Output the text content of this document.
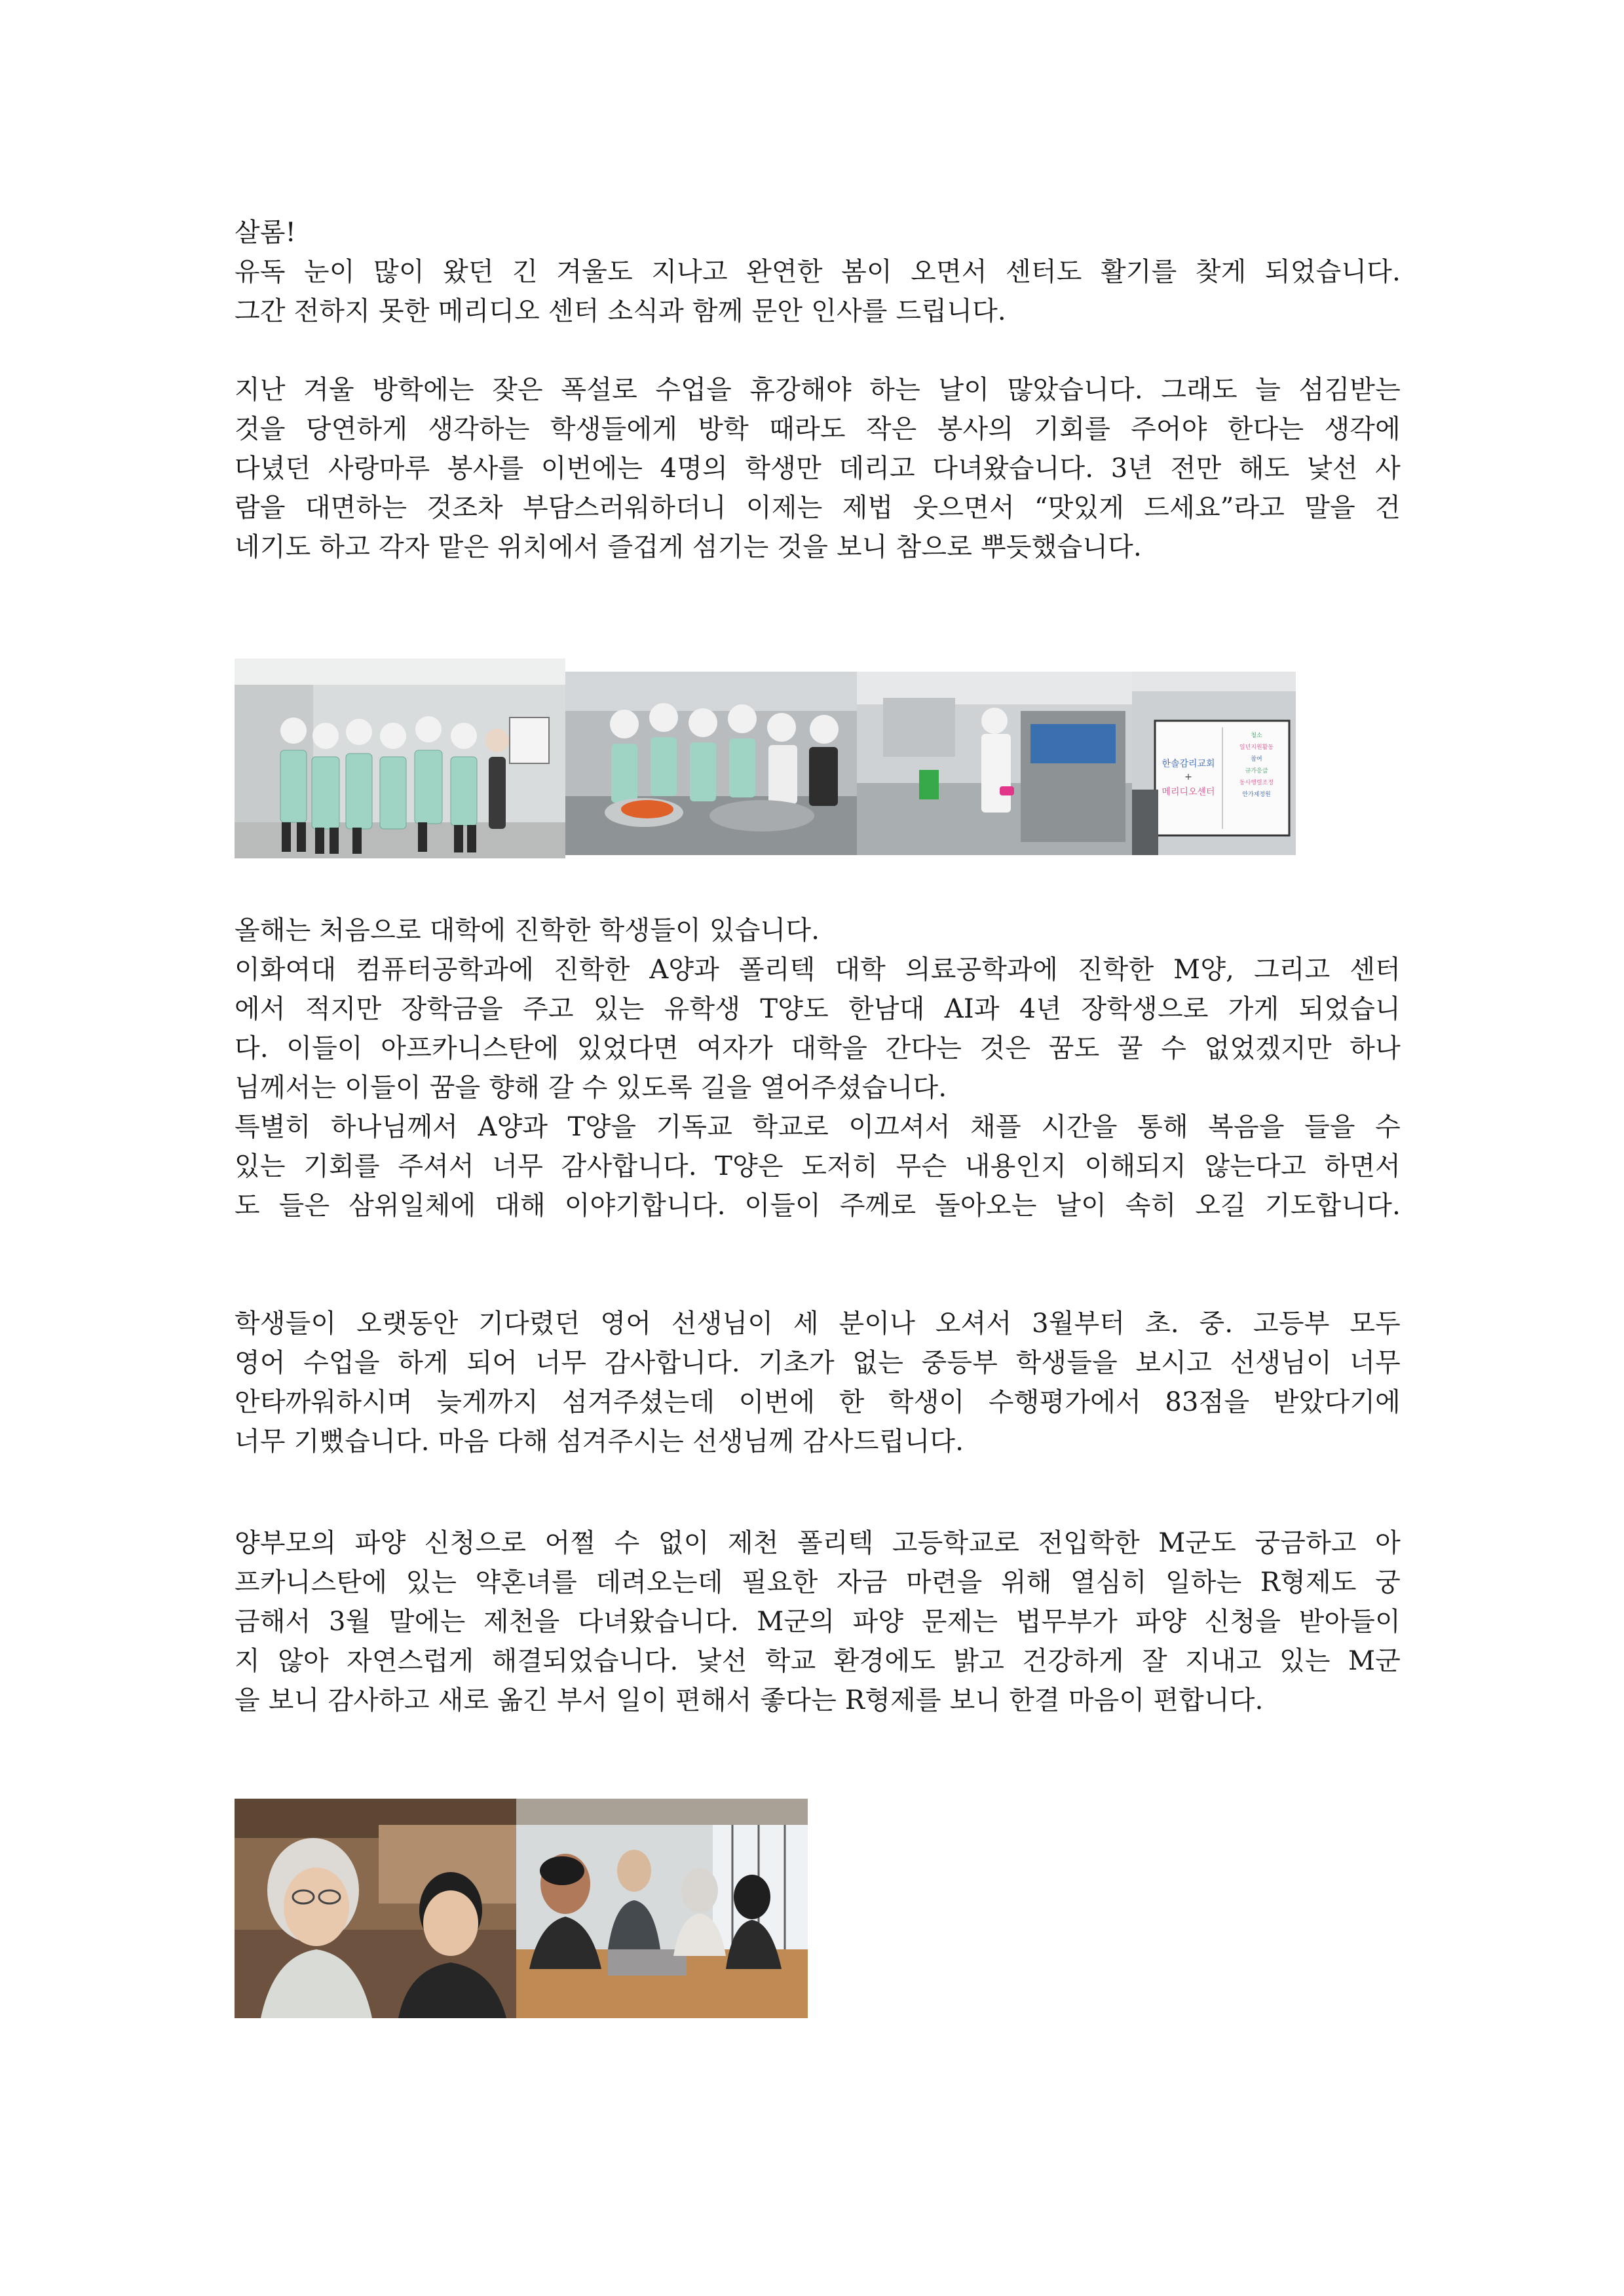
살롬!
유독 눈이 많이 왔던 긴 겨울도 지나고 완연한 봄이 오면서 센터도 활기를 찾게 되었습니다.
그간 전하지 못한 메리디오 센터 소식과 함께 문안 인사를 드립니다.
지난 겨울 방학에는 잦은 폭설로 수업을 휴강해야 하는 날이 많았습니다. 그래도 늘 섬김받는
것을 당연하게 생각하는 학생들에게 방학 때라도 작은 봉사의 기회를 주어야 한다는 생각에
다녔던 사랑마루 봉사를 이번에는 4명의 학생만 데리고 다녀왔습니다. 3년 전만 해도 낯선 사
람을 대면하는 것조차 부담스러워하더니 이제는 제법 웃으면서 “맛있게 드세요”라고 말을 건
네기도 하고 각자 맡은 위치에서 즐겁게 섬기는 것을 보니 참으로 뿌듯했습니다.
한솔감리교회
+
메리디오센터
청소
일년지원활동
참여
규가응급
동사행렬조정
안가제정원
올해는 처음으로 대학에 진학한 학생들이 있습니다.
이화여대 컴퓨터공학과에 진학한 A양과 폴리텍 대학 의료공학과에 진학한 M양, 그리고 센터
에서 적지만 장학금을 주고 있는 유학생 T양도 한남대 AI과 4년 장학생으로 가게 되었습니
다. 이들이 아프카니스탄에 있었다면 여자가 대학을 간다는 것은 꿈도 꿀 수 없었겠지만 하나
님께서는 이들이 꿈을 향해 갈 수 있도록 길을 열어주셨습니다.
특별히 하나님께서 A양과 T양을 기독교 학교로 이끄셔서 채플 시간을 통해 복음을 들을 수
있는 기회를 주셔서 너무 감사합니다. T양은 도저히 무슨 내용인지 이해되지 않는다고 하면서
도 들은 삼위일체에 대해 이야기합니다. 이들이 주께로 돌아오는 날이 속히 오길 기도합니다.
학생들이 오랫동안 기다렸던 영어 선생님이 세 분이나 오셔서 3월부터 초. 중. 고등부 모두
영어 수업을 하게 되어 너무 감사합니다. 기초가 없는 중등부 학생들을 보시고 선생님이 너무
안타까워하시며 늦게까지 섬겨주셨는데 이번에 한 학생이 수행평가에서 83점을 받았다기에
너무 기뻤습니다. 마음 다해 섬겨주시는 선생님께 감사드립니다.
양부모의 파양 신청으로 어쩔 수 없이 제천 폴리텍 고등학교로 전입학한 M군도 궁금하고 아
프카니스탄에 있는 약혼녀를 데려오는데 필요한 자금 마련을 위해 열심히 일하는 R형제도 궁
금해서 3월 말에는 제천을 다녀왔습니다. M군의 파양 문제는 법무부가 파양 신청을 받아들이
지 않아 자연스럽게 해결되었습니다. 낯선 학교 환경에도 밝고 건강하게 잘 지내고 있는 M군
을 보니 감사하고 새로 옮긴 부서 일이 편해서 좋다는 R형제를 보니 한결 마음이 편합니다.
